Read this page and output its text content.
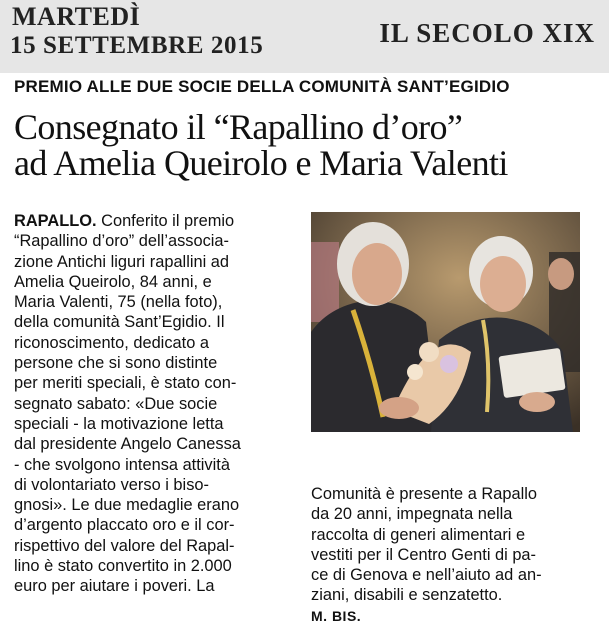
MARTEDÌ
15 SETTEMBRE 2015	IL SECOLO XIX
PREMIO ALLE DUE SOCIE DELLA COMUNITÀ SANT’EGIDIO
Consegnato il “Rapallino d’oro”
ad Amelia Queirolo e Maria Valenti
RAPALLO. Conferito il premio
“Rapallino d’oro” dell’associa-
zione Antichi liguri rapallini ad
Amelia Queirolo, 84 anni, e
Maria Valenti, 75 (nella foto),
della comunità Sant’Egidio. Il
riconoscimento, dedicato a
persone che si sono distinte
per meriti speciali, è stato con-
segnato sabato: «Due socie
speciali - la motivazione letta
dal presidente Angelo Canessa
- che svolgono intensa attività
di volontariato verso i biso-
gnosi». Le due medaglie erano
d’argento placcato oro e il cor-
rispettivo del valore del Rapal-
lino è stato convertito in 2.000
euro per aiutare i poveri. La
Comunità è presente a Rapallo
da 20 anni, impegnata nella
raccolta di generi alimentari e
vestiti per il Centro Genti di pa-
ce di Genova e nell’aiuto ad an-
ziani, disabili e senzatetto.
M. BIS.
